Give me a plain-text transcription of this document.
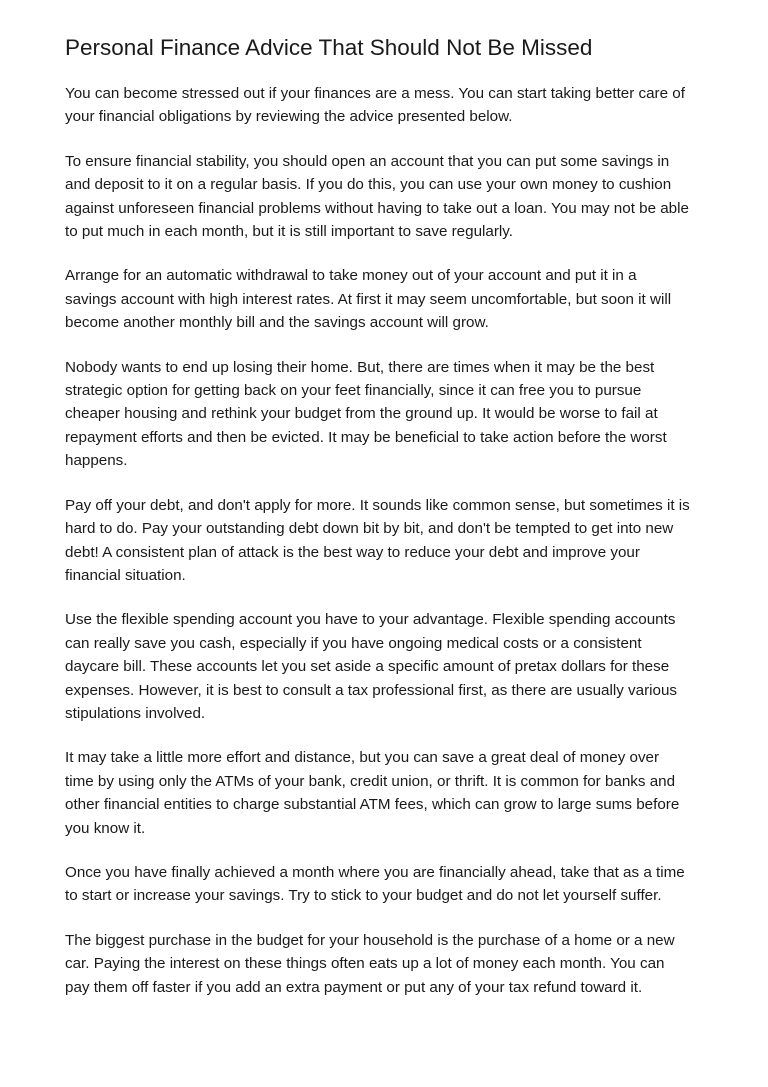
Personal Finance Advice That Should Not Be Missed

You can become stressed out if your finances are a mess. You can start taking better care of
your financial obligations by reviewing the advice presented below.

To ensure financial stability, you should open an account that you can put some savings in
and deposit to it on a regular basis. If you do this, you can use your own money to cushion
against unforeseen financial problems without having to take out a loan. You may not be able
to put much in each month, but it is still important to save regularly.

Arrange for an automatic withdrawal to take money out of your account and put it in a
savings account with high interest rates. At first it may seem uncomfortable, but soon it will
become another monthly bill and the savings account will grow.

Nobody wants to end up losing their home. But, there are times when it may be the best
strategic option for getting back on your feet financially, since it can free you to pursue
cheaper housing and rethink your budget from the ground up. It would be worse to fail at
repayment efforts and then be evicted. It may be beneficial to take action before the worst
happens.

Pay off your debt, and don't apply for more. It sounds like common sense, but sometimes it is
hard to do. Pay your outstanding debt down bit by bit, and don't be tempted to get into new
debt! A consistent plan of attack is the best way to reduce your debt and improve your
financial situation.

Use the flexible spending account you have to your advantage. Flexible spending accounts
can really save you cash, especially if you have ongoing medical costs or a consistent
daycare bill. These accounts let you set aside a specific amount of pretax dollars for these
expenses. However, it is best to consult a tax professional first, as there are usually various
stipulations involved.

It may take a little more effort and distance, but you can save a great deal of money over
time by using only the ATMs of your bank, credit union, or thrift. It is common for banks and
other financial entities to charge substantial ATM fees, which can grow to large sums before
you know it.

Once you have finally achieved a month where you are financially ahead, take that as a time
to start or increase your savings. Try to stick to your budget and do not let yourself suffer.

The biggest purchase in the budget for your household is the purchase of a home or a new
car. Paying the interest on these things often eats up a lot of money each month. You can
pay them off faster if you add an extra payment or put any of your tax refund toward it.
